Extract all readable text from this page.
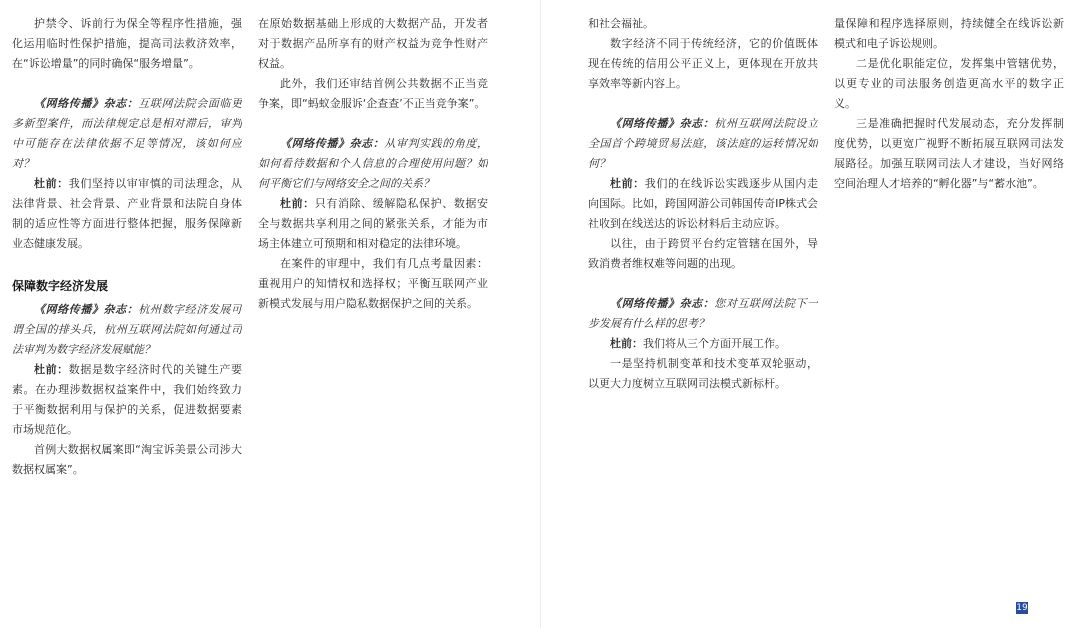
护禁令、诉前行为保全等程序性措施，强化运用临时性保护措施，提高司法救济效率，在“诉讼增量”的同时确保“服务增量”。

《网络传播》杂志：互联网法院会面临更多新型案件，而法律规定总是相对滞后，审判中可能存在法律依据不足等情况，该如何应对？

杜前：我们坚持以审审慎的司法理念，从法律背景、社会背景、产业背景和法院自身体制的适应性等方面进行整体把握，服务保障新业态健康发展。

保障数字经济发展

《网络传播》杂志：杭州数字经济发展可谓全国的排头兵，杭州互联网法院如何通过司法审判为数字经济发展赋能？

杜前：数据是数字经济时代的关键生产要素。在办理涉数据权益案件中，我们始终致力于平衡数据利用与保护的关系，促进数据要素市场规范化。

首例大数据权属案即“淘宝诉美景公司涉大数据权属案”。

在原始数据基础上形成的大数据产品，开发者对于数据产品所享有的财产权益为竞争性财产权益。

此外，我们还审结首例公共数据不正当竞争案，即“蚂蚁金服诉‘企查查’不正当竞争案”。

《网络传播》杂志：从审判实践的角度，如何看待数据和个人信息的合理使用问题？如何平衡它们与网络安全之间的关系？

杜前：只有消除、缓解隐私保护、数据安全与数据共享利用之间的紧张关系，才能为市场主体建立可预期和相对稳定的法律环境。

在案件的审理中，我们有几点考量因素：重视用户的知情权和选择权；平衡互联网产业新模式发展与用户隐私数据保护之间的关系。

和社会福祉。

数字经济不同于传统经济，它的价值既体现在传统的信用公平正义上，更体现在开放共享效率等新内容上。

《网络传播》杂志：杭州互联网法院设立全国首个跨境贸易法庭，该法庭的运转情况如何？

杜前：我们的在线诉讼实践逐步从国内走向国际。比如，跨国网游公司韩国传奇IP株式会社收到在线送达的诉讼材料后主动应诉。

以往，由于跨贸平台约定管辖在国外，导致消费者维权难等问题的出现。

《网络传播》杂志：您对互联网法院下一步发展有什么样的思考？

杜前：我们将从三个方面开展工作。

一是坚持机制变革和技术变革双轮驱动，以更大力度树立互联网司法模式新标杆。

量保障和程序选择原则，持续健全在线诉讼新模式和电子诉讼规则。

二是优化职能定位，发挥集中管辖优势，以更专业的司法服务创造更高水平的数字正义。

三是准确把握时代发展动态，充分发挥制度优势，以更宽广视野不断拓展互联网司法发展路径。加强互联网司法人才建设，当好网络空间治理人才培养的“孵化器”与“蓄水池”。

19
